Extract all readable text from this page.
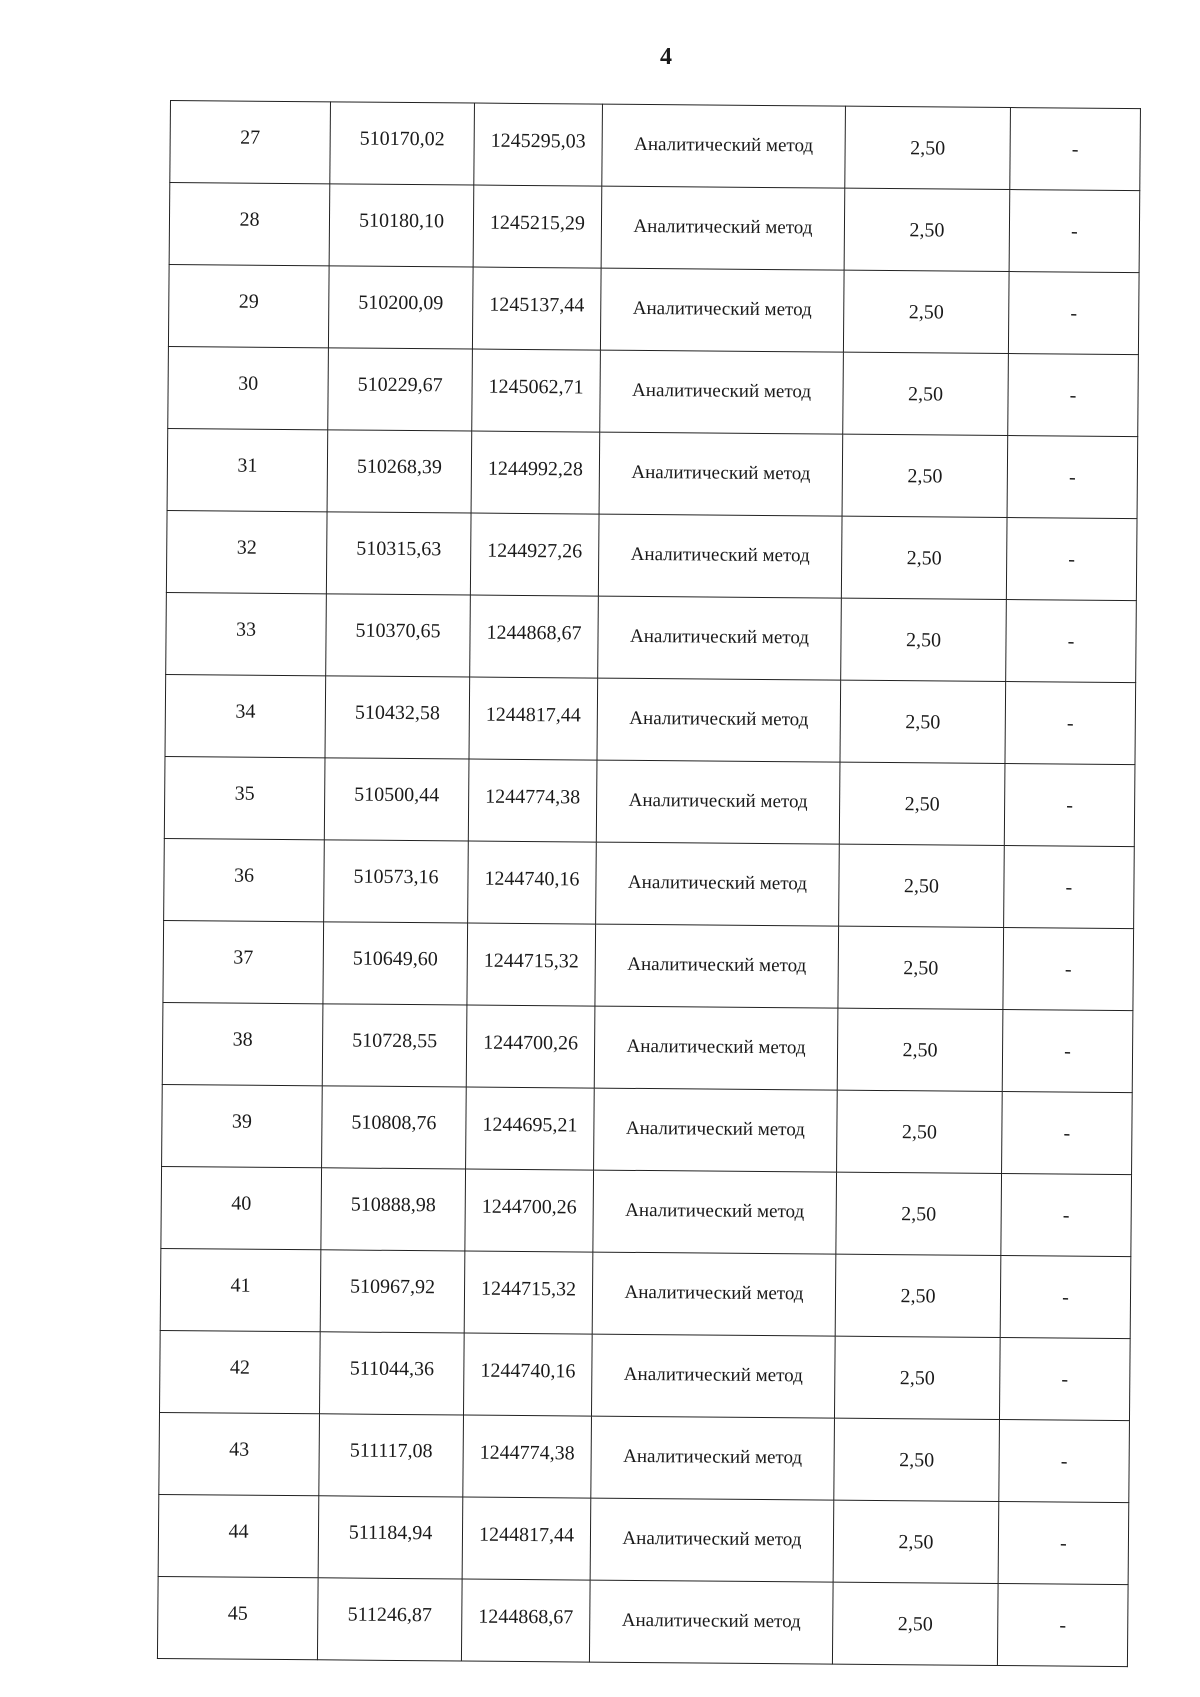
4
27	510170,02	1245295,03	Аналитический метод	2,50	-
28	510180,10	1245215,29	Аналитический метод	2,50	-
29	510200,09	1245137,44	Аналитический метод	2,50	-
30	510229,67	1245062,71	Аналитический метод	2,50	-
31	510268,39	1244992,28	Аналитический метод	2,50	-
32	510315,63	1244927,26	Аналитический метод	2,50	-
33	510370,65	1244868,67	Аналитический метод	2,50	-
34	510432,58	1244817,44	Аналитический метод	2,50	-
35	510500,44	1244774,38	Аналитический метод	2,50	-
36	510573,16	1244740,16	Аналитический метод	2,50	-
37	510649,60	1244715,32	Аналитический метод	2,50	-
38	510728,55	1244700,26	Аналитический метод	2,50	-
39	510808,76	1244695,21	Аналитический метод	2,50	-
40	510888,98	1244700,26	Аналитический метод	2,50	-
41	510967,92	1244715,32	Аналитический метод	2,50	-
42	511044,36	1244740,16	Аналитический метод	2,50	-
43	511117,08	1244774,38	Аналитический метод	2,50	-
44	511184,94	1244817,44	Аналитический метод	2,50	-
45	511246,87	1244868,67	Аналитический метод	2,50	-
